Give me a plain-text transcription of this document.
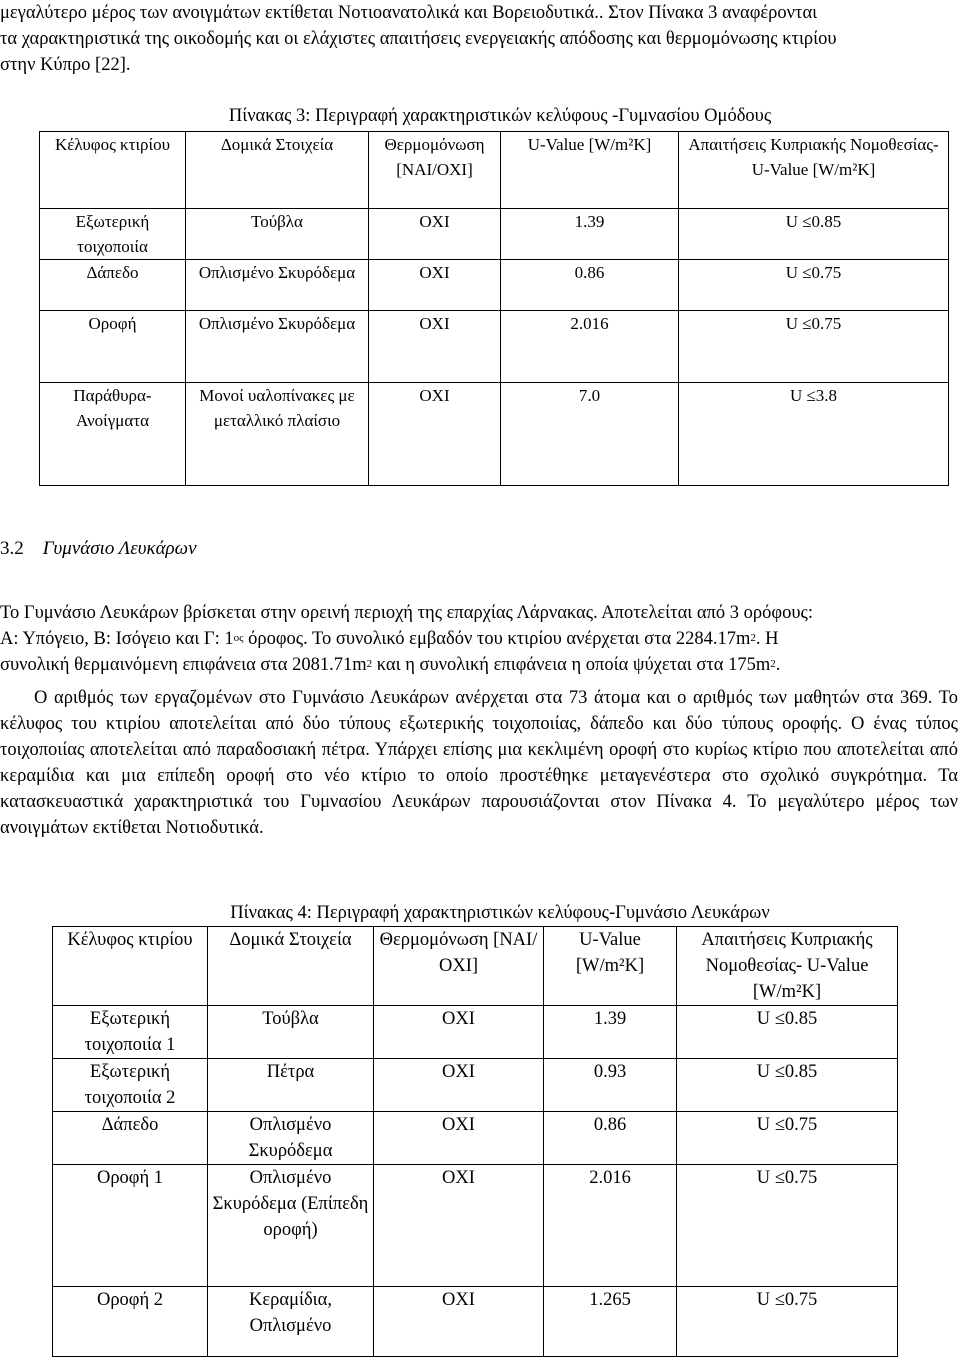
μεγαλύτερο μέρος των ανοιγμάτων εκτίθεται Νοτιοανατολικά και Βορειοδυτικά.. Στον Πίνακα 3 αναφέρονται
τα χαρακτηριστικά της οικοδομής και οι ελάχιστες απαιτήσεις ενεργειακής απόδοσης και θερμομόνωσης κτιρίου
στην Κύπρο [22].
Πίνακας 3: Περιγραφή χαρακτηριστικών κελύφους -Γυμνασίου Ομόδους
Κέλυφος κτιρίου	Δομικά Στοιχεία	Θερμομόνωση [ΝΑΙ/ΟΧΙ]	U-Value [W/m²K]	Απαιτήσεις Κυπριακής Νομοθεσίας- U-Value [W/m²K]
Εξωτερική τοιχοποιία	Τούβλα	ΟΧΙ	1.39	U ≤0.85
Δάπεδο	Οπλισμένο Σκυρόδεμα	ΟΧΙ	0.86	U ≤0.75
Οροφή	Οπλισμένο Σκυρόδεμα	ΟΧΙ	2.016	U ≤0.75
Παράθυρα-Ανοίγματα	Μονοί υαλοπίνακες με μεταλλικό πλαίσιο	ΟΧΙ	7.0	U ≤3.8
3.2 Γυμνάσιο Λευκάρων
Το Γυμνάσιο Λευκάρων βρίσκεται στην ορεινή περιοχή της επαρχίας Λάρνακας. Αποτελείται από 3 ορόφους:
Α: Υπόγειο, Β: Ισόγειο και Γ: $1^{o\varsigma}$ όροφος. Το συνολικό εμβαδόν του κτιρίου ανέρχεται στα $2284.17m^2$. Η
συνολική θερμαινόμενη επιφάνεια στα $2081.71m^2$ και η συνολική επιφάνεια η οποία ψύχεται στα $175m^2$.
Ο αριθμός των εργαζομένων στο Γυμνάσιο Λευκάρων ανέρχεται στα 73 άτομα και ο αριθμός των μαθητών στα 369. Το κέλυφος του κτιρίου αποτελείται από δύο τύπους εξωτερικής τοιχοποιίας, δάπεδο και δύο τύπους οροφής. Ο ένας τύπος τοιχοποιίας αποτελείται από παραδοσιακή πέτρα. Υπάρχει επίσης μια κεκλιμένη οροφή στο κυρίως κτίριο που αποτελείται από κεραμίδια και μια επίπεδη οροφή στο νέο κτίριο το οποίο προστέθηκε μεταγενέστερα στο σχολικό συγκρότημα. Τα κατασκευαστικά χαρακτηριστικά του Γυμνασίου Λευκάρων παρουσιάζονται στον Πίνακα 4. Το μεγαλύτερο μέρος των ανοιγμάτων εκτίθεται Νοτιοδυτικά.
Πίνακας 4: Περιγραφή χαρακτηριστικών κελύφους-Γυμνάσιο Λευκάρων
Κέλυφος κτιρίου	Δομικά Στοιχεία	Θερμομόνωση [ΝΑΙ/ΟΧΙ]	U-Value [W/m²K]	Απαιτήσεις Κυπριακής Νομοθεσίας- U-Value [W/m²K]
Εξωτερική τοιχοποιία 1	Τούβλα	ΟΧΙ	1.39	U ≤0.85
Εξωτερική τοιχοποιία 2	Πέτρα	ΟΧΙ	0.93	U ≤0.85
Δάπεδο	Οπλισμένο Σκυρόδεμα	ΟΧΙ	0.86	U ≤0.75
Οροφή 1	Οπλισμένο Σκυρόδεμα (Επίπεδη οροφή)	ΟΧΙ	2.016	U ≤0.75
Οροφή 2	Κεραμίδια, Οπλισμένο	ΟΧΙ	1.265	U ≤0.75
